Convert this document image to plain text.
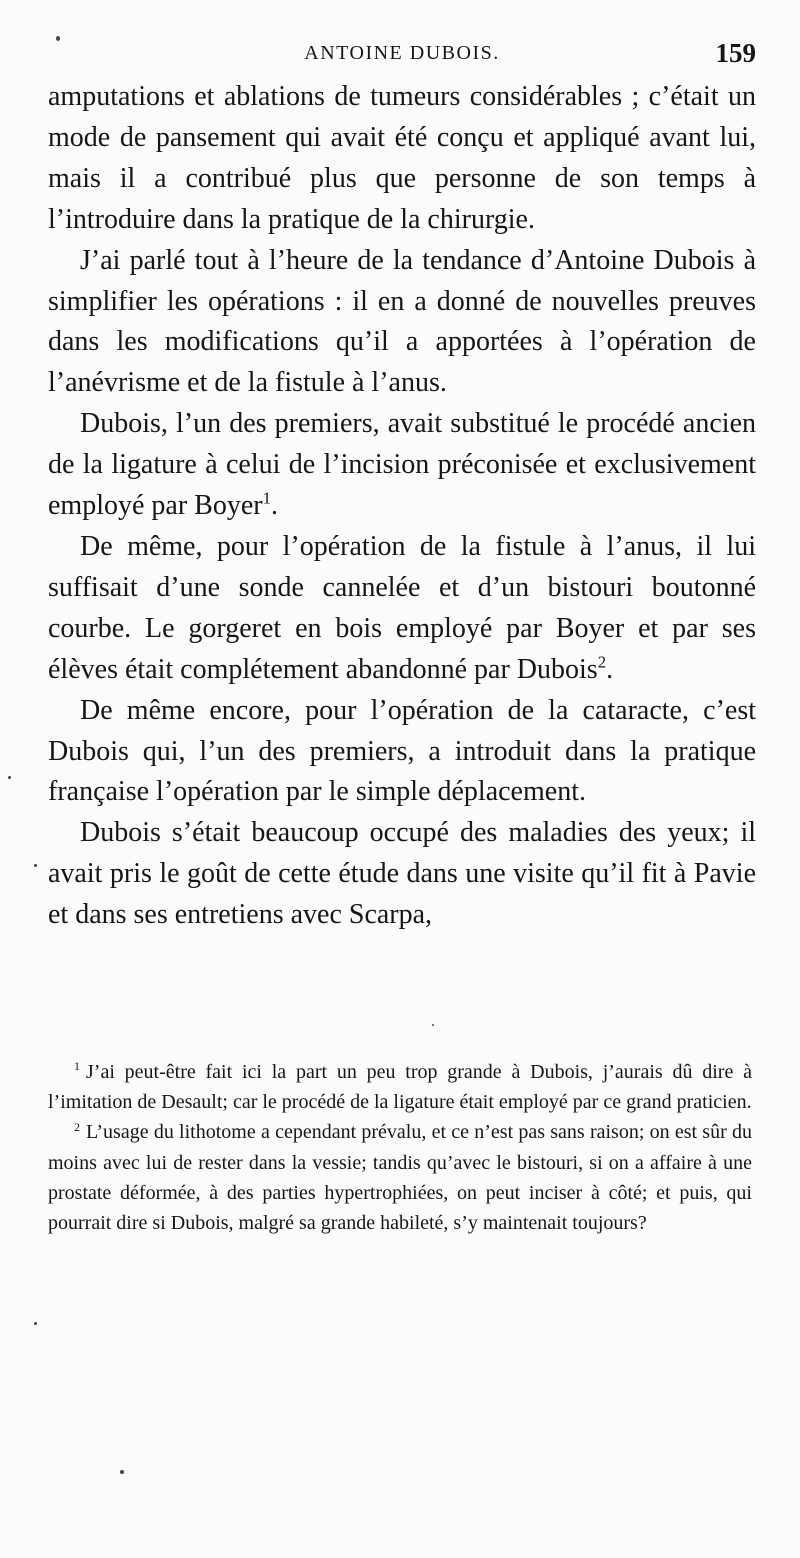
ANTOINE DUBOIS.	159

amputations et ablations de tumeurs considérables ; c’était un mode de pansement qui avait été conçu et appliqué avant lui, mais il a contribué plus que personne de son temps à l’introduire dans la pratique de la chirurgie.

J’ai parlé tout à l’heure de la tendance d’Antoine Dubois à simplifier les opérations : il en a donné de nouvelles preuves dans les modifications qu’il a apportées à l’opération de l’anévrisme et de la fistule à l’anus.

Dubois, l’un des premiers, avait substitué le procédé ancien de la ligature à celui de l’incision préconisée et exclusivement employé par Boyer$^1$.

De même, pour l’opération de la fistule à l’anus, il lui suffisait d’une sonde cannelée et d’un bistouri boutonné courbe. Le gorgeret en bois employé par Boyer et par ses élèves était complétement abandonné par Dubois$^2$.

De même encore, pour l’opération de la cataracte, c’est Dubois qui, l’un des premiers, a introduit dans la pratique française l’opération par le simple déplacement.

Dubois s’était beaucoup occupé des maladies des yeux; il avait pris le goût de cette étude dans une visite qu’il fit à Pavie et dans ses entretiens avec Scarpa,

$^1$ J’ai peut-être fait ici la part un peu trop grande à Dubois, j’aurais dû dire à l’imitation de Desault; car le procédé de la ligature était employé par ce grand praticien.

$^2$ L’usage du lithotome a cependant prévalu, et ce n’est pas sans raison; on est sûr du moins avec lui de rester dans la vessie; tandis qu’avec le bistouri, si on a affaire à une prostate déformée, à des parties hypertrophiées, on peut inciser à côté; et puis, qui pourrait dire si Dubois, malgré sa grande habileté, s’y maintenait toujours?
